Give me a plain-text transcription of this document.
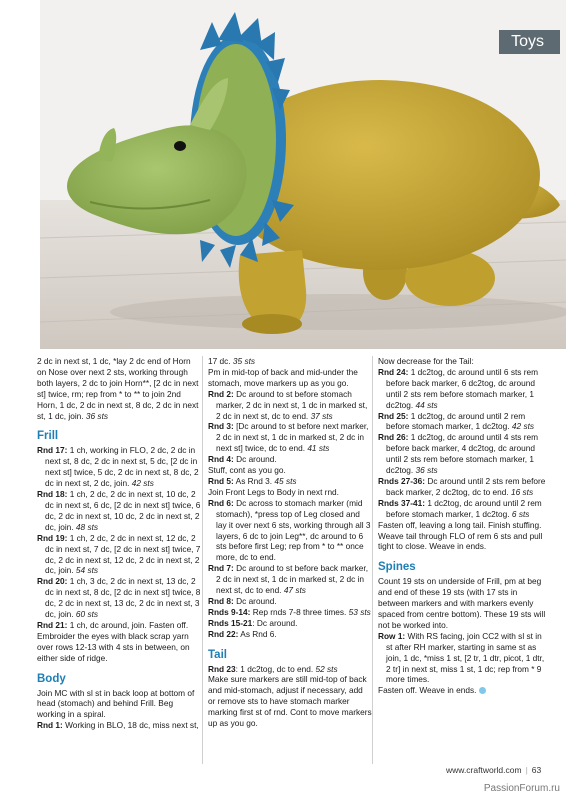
Toys

2 dc in next st, 1 dc, *lay 2 dc end of Horn on Nose over next 2 sts, working through both layers, 2 dc to join Horn**, [2 dc in next st] twice, rm; rep from * to ** to join 2nd Horn, 1 dc, 2 dc in next st, 8 dc, 2 dc in next st, 1 dc, join. 36 sts

Frill

Rnd 17: 1 ch, working in FLO, 2 dc, 2 dc in next st, 8 dc, 2 dc in next st, 5 dc, [2 dc in next st] twice, 5 dc, 2 dc in next st, 8 dc, 2 dc in next st, 2 dc, join. 42 sts

Rnd 18: 1 ch, 2 dc, 2 dc in next st, 10 dc, 2 dc in next st, 6 dc, [2 dc in next st] twice, 6 dc, 2 dc in next st, 10 dc, 2 dc in next st, 2 dc, join. 48 sts

Rnd 19: 1 ch, 2 dc, 2 dc in next st, 12 dc, 2 dc in next st, 7 dc, [2 dc in next st] twice, 7 dc, 2 dc in next st, 12 dc, 2 dc in next st, 2 dc, join. 54 sts

Rnd 20: 1 ch, 3 dc, 2 dc in next st, 13 dc, 2 dc in next st, 8 dc, [2 dc in next st] twice, 8 dc, 2 dc in next st, 13 dc, 2 dc in next st, 3 dc, join. 60 sts

Rnd 21: 1 ch, dc around, join. Fasten off. Embroider the eyes with black scrap yarn over rows 12-13 with 4 sts in between, on either side of ridge.

Body

Join MC with sl st in back loop at bottom of head (stomach) and behind Frill. Beg working in a spiral.

Rnd 1: Working in BLO, 18 dc, miss next st,

17 dc. 35 sts

Pm in mid-top of back and mid-under the stomach, move markers up as you go.

Rnd 2: Dc around to st before stomach marker, 2 dc in next st, 1 dc in marked st, 2 dc in next st, dc to end. 37 sts

Rnd 3: [Dc around to st before next marker, 2 dc in next st, 1 dc in marked st, 2 dc in next st] twice, dc to end. 41 sts

Rnd 4: Dc around.

Stuff, cont as you go.

Rnd 5: As Rnd 3. 45 sts

Join Front Legs to Body in next rnd.

Rnd 6: Dc across to stomach marker (mid stomach), *press top of Leg closed and lay it over next 6 sts, working through all 3 layers, 6 dc to join Leg**, dc around to 6 sts before first Leg; rep from * to ** once more, dc to end.

Rnd 7: Dc around to st before back marker, 2 dc in next st, 1 dc in marked st, 2 dc in next st, dc to end. 47 sts

Rnd 8: Dc around.

Rnds 9-14: Rep rnds 7-8 three times. 53 sts

Rnds 15-21: Dc around.

Rnd 22: As Rnd 6.

Tail

Rnd 23: 1 dc2tog, dc to end. 52 sts

Make sure markers are still mid-top of back and mid-stomach, adjust if necessary, add or remove sts to have stomach marker marking first st of rnd. Cont to move markers up as you go.

Now decrease for the Tail:

Rnd 24: 1 dc2tog, dc around until 6 sts rem before back marker, 6 dc2tog, dc around until 2 sts rem before stomach marker, 1 dc2tog. 44 sts

Rnd 25: 1 dc2tog, dc around until 2 rem before stomach marker, 1 dc2tog. 42 sts

Rnd 26: 1 dc2tog, dc around until 4 sts rem before back marker, 4 dc2tog, dc around until 2 sts rem before stomach marker, 1 dc2tog. 36 sts

Rnds 27-36: Dc around until 2 sts rem before back marker, 2 dc2tog, dc to end. 16 sts

Rnds 37-41: 1 dc2tog, dc around until 2 rem before stomach marker, 1 dc2tog. 6 sts

Fasten off, leaving a long tail. Finish stuffing. Weave tail through FLO of rem 6 sts and pull tight to close. Weave in ends.

Spines

Count 19 sts on underside of Frill, pm at beg and end of these 19 sts (with 17 sts in between markers and with markers evenly spaced from centre bottom). These 19 sts will not be worked into.

Row 1: With RS facing, join CC2 with sl st in st after RH marker, starting in same st as join, 1 dc, *miss 1 st, [2 tr, 1 dtr, picot, 1 dtr, 2 tr] in next st, miss 1 st, 1 dc; rep from * 9 more times.

Fasten off. Weave in ends.

www.craftworld.com | 63
PassionForum.ru
